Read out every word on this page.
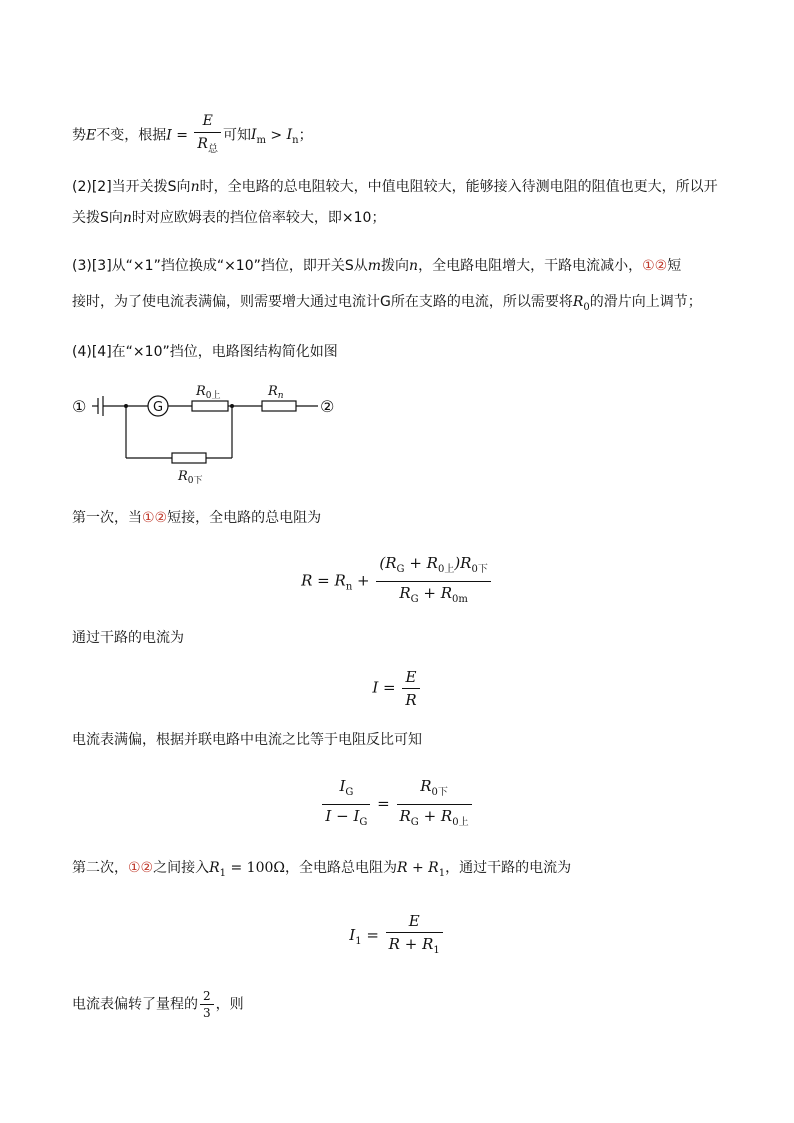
势E不变，根据$I = \frac{E}{R_总}$ 可知$I_m > I_n$；
(2)[2]当开关拨S向n时，全电路的总电阻较大，中值电阻较大，能够接入待测电阻的阻值也更大，所以开
关拨S向n时对应欧姆表的挡位倍率较大，即×10；
(3)[3]从“×1”挡位换成“×10”挡位，即开关S从m拨向n，全电路电阻增大，干路电流减小，①②短
接时，为了使电流表满偏，则需要增大通过电流计G所在支路的电流，所以需要将$R_0$的滑片向上调节；
(4)[4]在“×10”挡位，电路图结构简化如图
①	②
G
$R_{0上}$	$R_n$
$R_{0下}$
第一次，当①②短接，全电路的总电阻为
$R = R_n + \frac{(R_G + R_{0上})R_{0下}}{R_G + R_{0m}}$
通过干路的电流为
$I = \frac{E}{R}$
电流表满偏，根据并联电路中电流之比等于电阻反比可知
$\frac{I_G}{I - I_G} = \frac{R_{0下}}{R_G + R_{0上}}$
第二次，①②之间接入$R_1 = 100\Omega$，全电路总电阻为$R + R_1$，通过干路的电流为
$I_1 = \frac{E}{R + R_1}$
电流表偏转了量程的 $\frac{2}{3}$ ，则
